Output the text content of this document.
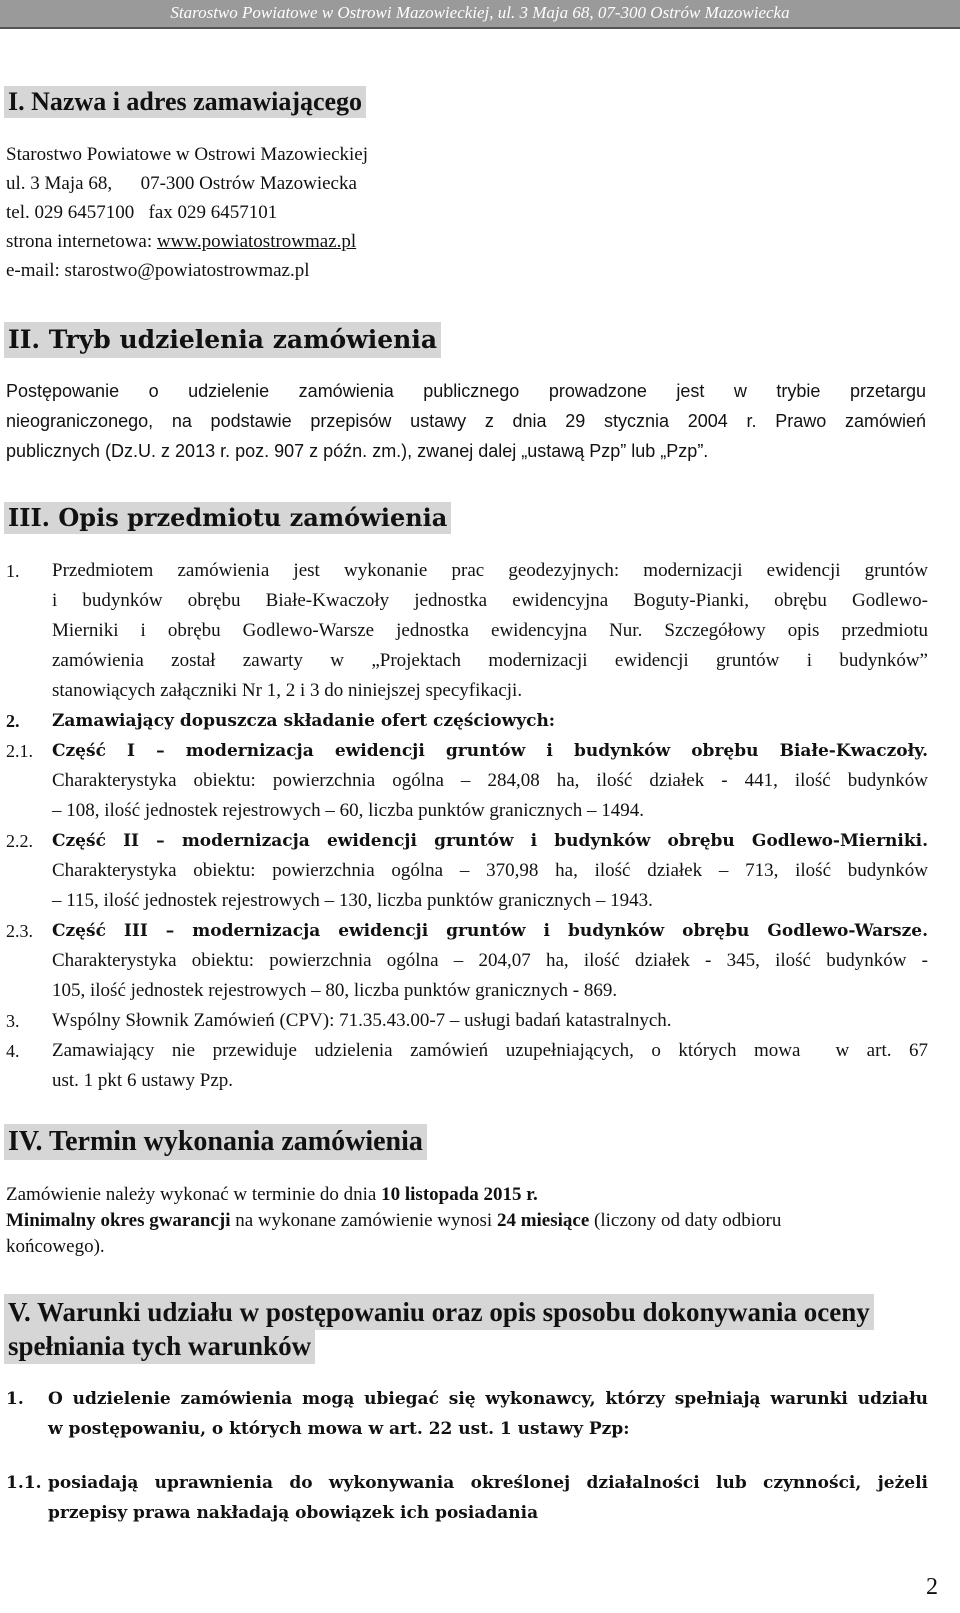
Starostwo Powiatowe w Ostrowi Mazowieckiej, ul. 3 Maja 68, 07-300 Ostrów Mazowiecka
I. Nazwa i adres zamawiającego
Starostwo Powiatowe w Ostrowi Mazowieckiej
ul. 3 Maja 68,      07-300 Ostrów Mazowiecka
tel. 029 6457100   fax 029 6457101
strona internetowa: www.powiatostrowmaz.pl
e-mail: starostwo@powiatostrowmaz.pl
II. Tryb udzielenia zamówienia
Postępowanie o udzielenie zamówienia publicznego prowadzone jest w trybie przetargu
nieograniczonego, na podstawie przepisów ustawy z dnia 29 stycznia 2004 r. Prawo zamówień
publicznych (Dz.U. z 2013 r. poz. 907 z późn. zm.), zwanej dalej „ustawą Pzp” lub „Pzp”.
III. Opis przedmiotu zamówienia
1. Przedmiotem zamówienia jest wykonanie prac geodezyjnych: modernizacji ewidencji gruntów
i budynków obrębu Białe-Kwaczoły jednostka ewidencyjna Boguty-Pianki, obrębu Godlewo-
Mierniki i obrębu Godlewo-Warsze jednostka ewidencyjna Nur. Szczegółowy opis przedmiotu
zamówienia został zawarty w „Projektach modernizacji ewidencji gruntów i budynków”
stanowiących załączniki Nr 1, 2 i 3 do niniejszej specyfikacji.
2. Zamawiający dopuszcza składanie ofert częściowych:
2.1. Część I – modernizacja ewidencji gruntów i budynków obrębu Białe-Kwaczoły.
Charakterystyka obiektu: powierzchnia ogólna – 284,08 ha, ilość działek - 441, ilość budynków
– 108, ilość jednostek rejestrowych – 60, liczba punktów granicznych – 1494.
2.2. Część II – modernizacja ewidencji gruntów i budynków obrębu Godlewo-Mierniki.
Charakterystyka obiektu: powierzchnia ogólna – 370,98 ha, ilość działek – 713, ilość budynków
– 115, ilość jednostek rejestrowych – 130, liczba punktów granicznych – 1943.
2.3. Część III – modernizacja ewidencji gruntów i budynków obrębu Godlewo-Warsze.
Charakterystyka obiektu: powierzchnia ogólna – 204,07 ha, ilość działek - 345, ilość budynków -
105, ilość jednostek rejestrowych – 80, liczba punktów granicznych - 869.
3. Wspólny Słownik Zamówień (CPV): 71.35.43.00-7 – usługi badań katastralnych.
4. Zamawiający nie przewiduje udzielenia zamówień uzupełniających, o których mowa  w art. 67
ust. 1 pkt 6 ustawy Pzp.
IV. Termin wykonania zamówienia
Zamówienie należy wykonać w terminie do dnia 10 listopada 2015 r.
Minimalny okres gwarancji na wykonane zamówienie wynosi 24 miesiące (liczony od daty odbioru
końcowego).
V. Warunki udziału w postępowaniu oraz opis sposobu dokonywania oceny
spełniania tych warunków
1. O udzielenie zamówienia mogą ubiegać się wykonawcy, którzy spełniają warunki udziału
w postępowaniu, o których mowa w art. 22 ust. 1 ustawy Pzp:
1.1. posiadają uprawnienia do wykonywania określonej działalności lub czynności, jeżeli
przepisy prawa nakładają obowiązek ich posiadania
2
